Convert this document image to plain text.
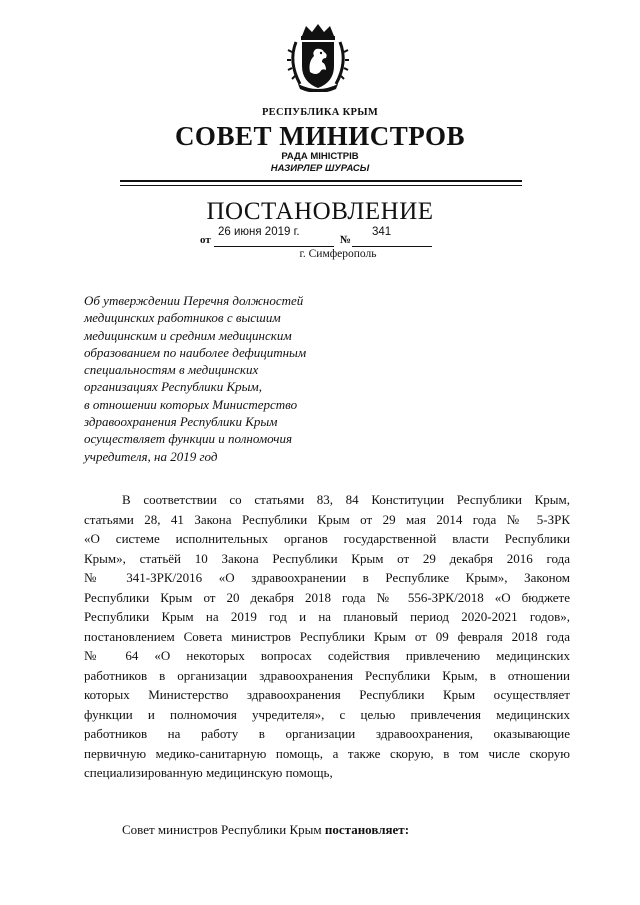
РЕСПУБЛИКА КРЫМ
СОВЕТ МИНИСТРОВ
РАДА МІНІСТРІВ
НАЗИРЛЕР ШУРАСЫ
ПОСТАНОВЛЕНИЕ
от
26 июня 2019 г.
№
341
г. Симферополь
Об утверждении Перечня должностей
медицинских работников с высшим
медицинским и средним медицинским
образованием по наиболее дефицитным
специальностям в медицинских
организациях Республики Крым,
в отношении которых Министерство
здравоохранения Республики Крым
осуществляет функции и полномочия
учредителя, на 2019 год
В соответствии со статьями 83, 84 Конституции Республики Крым,
статьями 28, 41 Закона Республики Крым от 29 мая 2014 года № 5-ЗРК
«О системе исполнительных органов государственной власти Республики
Крым», статьёй 10 Закона Республики Крым от 29 декабря 2016 года
№ 341-ЗРК/2016 «О здравоохранении в Республике Крым», Законом
Республики Крым от 20 декабря 2018 года № 556-ЗРК/2018 «О бюджете
Республики Крым на 2019 год и на плановый период 2020-2021 годов»,
постановлением Совета министров Республики Крым от 09 февраля 2018 года
№ 64 «О некоторых вопросах содействия привлечению медицинских
работников в организации здравоохранения Республики Крым, в отношении
которых Министерство здравоохранения Республики Крым осуществляет
функции и полномочия учредителя», с целью привлечения медицинских
работников на работу в организации здравоохранения, оказывающие
первичную медико-санитарную помощь, а также скорую, в том числе скорую
специализированную медицинскую помощь,
Совет министров Республики Крым постановляет:
